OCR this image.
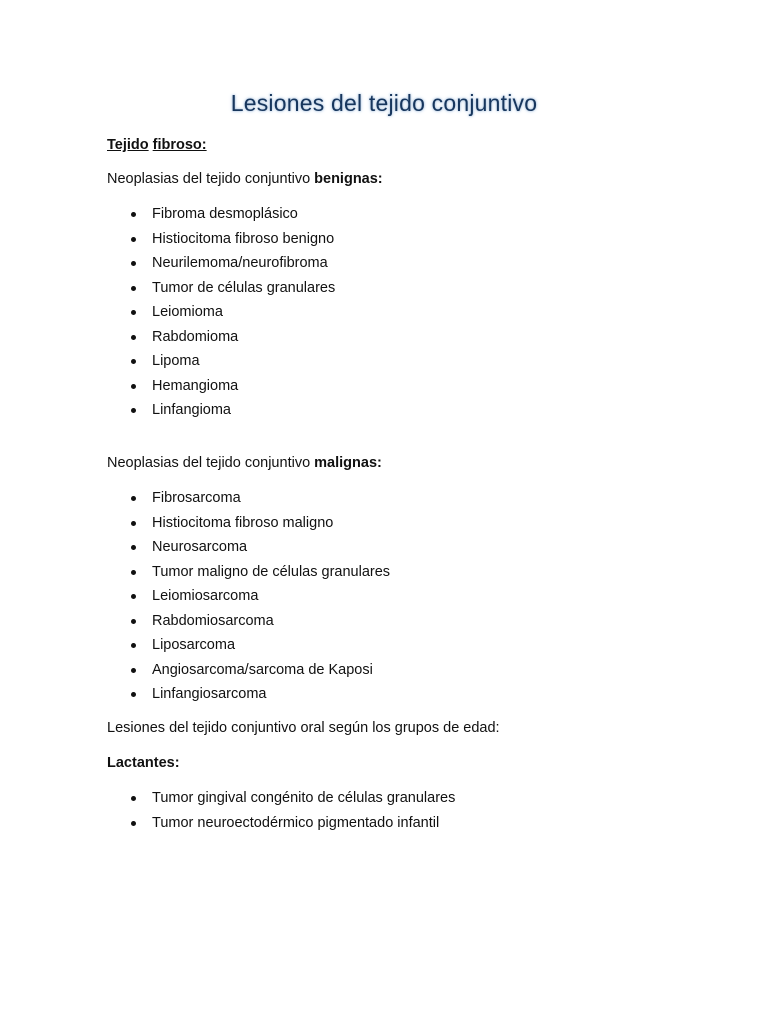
Lesiones del tejido conjuntivo
Tejido fibroso:
Neoplasias del tejido conjuntivo benignas:
Fibroma desmoplásico
Histiocitoma fibroso benigno
Neurilemoma/neurofibroma
Tumor de células granulares
Leiomioma
Rabdomioma
Lipoma
Hemangioma
Linfangioma
Neoplasias del tejido conjuntivo malignas:
Fibrosarcoma
Histiocitoma fibroso maligno
Neurosarcoma
Tumor maligno de células granulares
Leiomiosarcoma
Rabdomiosarcoma
Liposarcoma
Angiosarcoma/sarcoma de Kaposi
Linfangiosarcoma
Lesiones del tejido conjuntivo oral según los grupos de edad:
Lactantes:
Tumor gingival congénito de células granulares
Tumor neuroectodérmico pigmentado infantil
